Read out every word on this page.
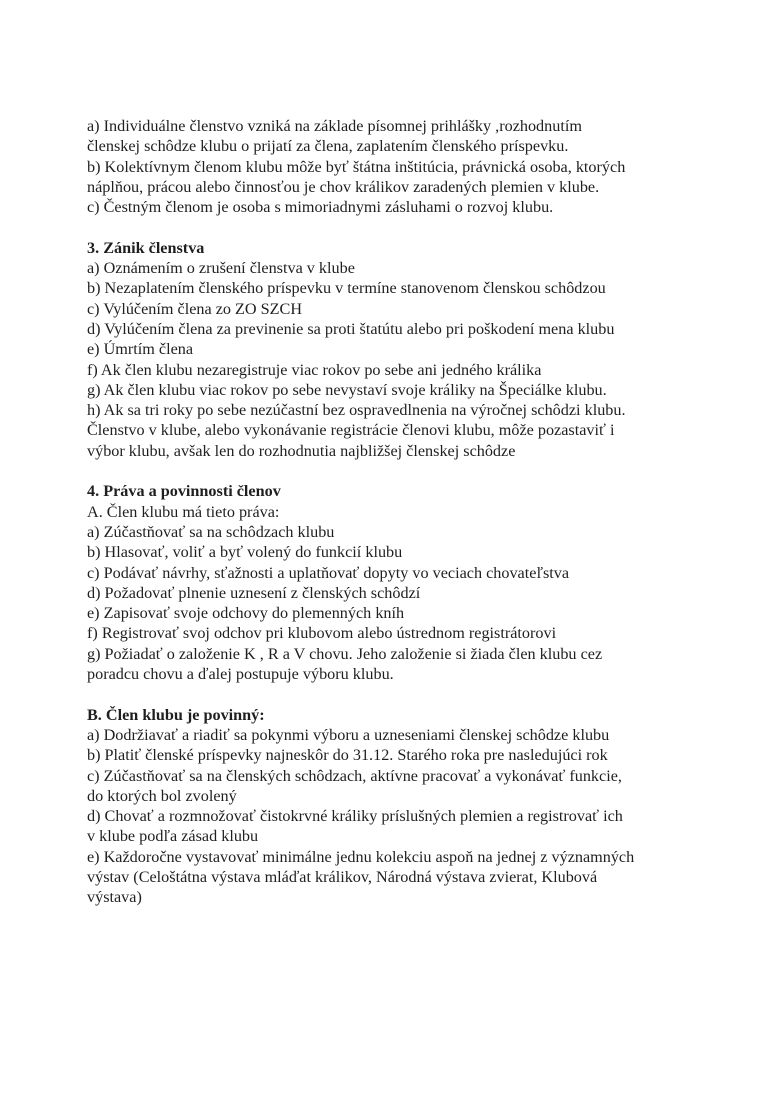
a) Individuálne členstvo vzniká na základe písomnej prihlášky ,rozhodnutím
členskej schôdze klubu o prijatí za člena, zaplatením členského príspevku.
b) Kolektívnym členom klubu môže byť štátna inštitúcia, právnická osoba, ktorých
náplňou, prácou alebo činnosťou je chov králikov zaradených plemien v klube.
c) Čestným členom je osoba s mimoriadnymi zásluhami o rozvoj klubu.
3. Zánik členstva
a) Oznámením o zrušení členstva v klube
b) Nezaplatením členského príspevku v termíne stanovenom členskou schôdzou
c) Vylúčením člena zo ZO SZCH
d) Vylúčením člena za previnenie sa proti štatútu alebo pri poškodení mena klubu
e) Úmrtím člena
f) Ak člen klubu nezaregistruje viac rokov po sebe ani jedného králika
g) Ak člen klubu viac rokov po sebe nevystaví svoje králiky na Špeciálke klubu.
h) Ak sa tri roky po sebe nezúčastní bez ospravedlnenia na výročnej schôdzi klubu.
Členstvo v klube, alebo vykonávanie registrácie členovi klubu, môže pozastaviť i
výbor klubu, avšak len do rozhodnutia najbližšej členskej schôdze
4. Práva a povinnosti členov
A. Člen klubu má tieto práva:
a) Zúčastňovať sa na schôdzach klubu
b) Hlasovať, voliť a byť volený do funkcií klubu
c) Podávať návrhy, sťažnosti a uplatňovať dopyty vo veciach chovateľstva
d) Požadovať plnenie uznesení z členských schôdzí
e) Zapisovať svoje odchovy do plemenných kníh
f) Registrovať svoj odchov pri klubovom alebo ústrednom registrátorovi
g) Požiadať o založenie K , R a V chovu. Jeho založenie si žiada člen klubu cez
poradcu chovu a ďalej postupuje výboru klubu.
B. Člen klubu je povinný:
a) Dodržiavať a riadiť sa pokynmi výboru a uzneseniami členskej schôdze klubu
b) Platiť členské príspevky najneskôr do 31.12. Starého roka pre nasledujúci rok
c) Zúčastňovať sa na členských schôdzach, aktívne pracovať a vykonávať funkcie,
do ktorých bol zvolený
d) Chovať a rozmnožovať čistokrvné králiky príslušných plemien a registrovať ich
v klube podľa zásad klubu
e) Každoročne vystavovať minimálne jednu kolekciu aspoň na jednej z významných
výstav (Celoštátna výstava mláďat králikov, Národná výstava zvierat, Klubová
výstava)
